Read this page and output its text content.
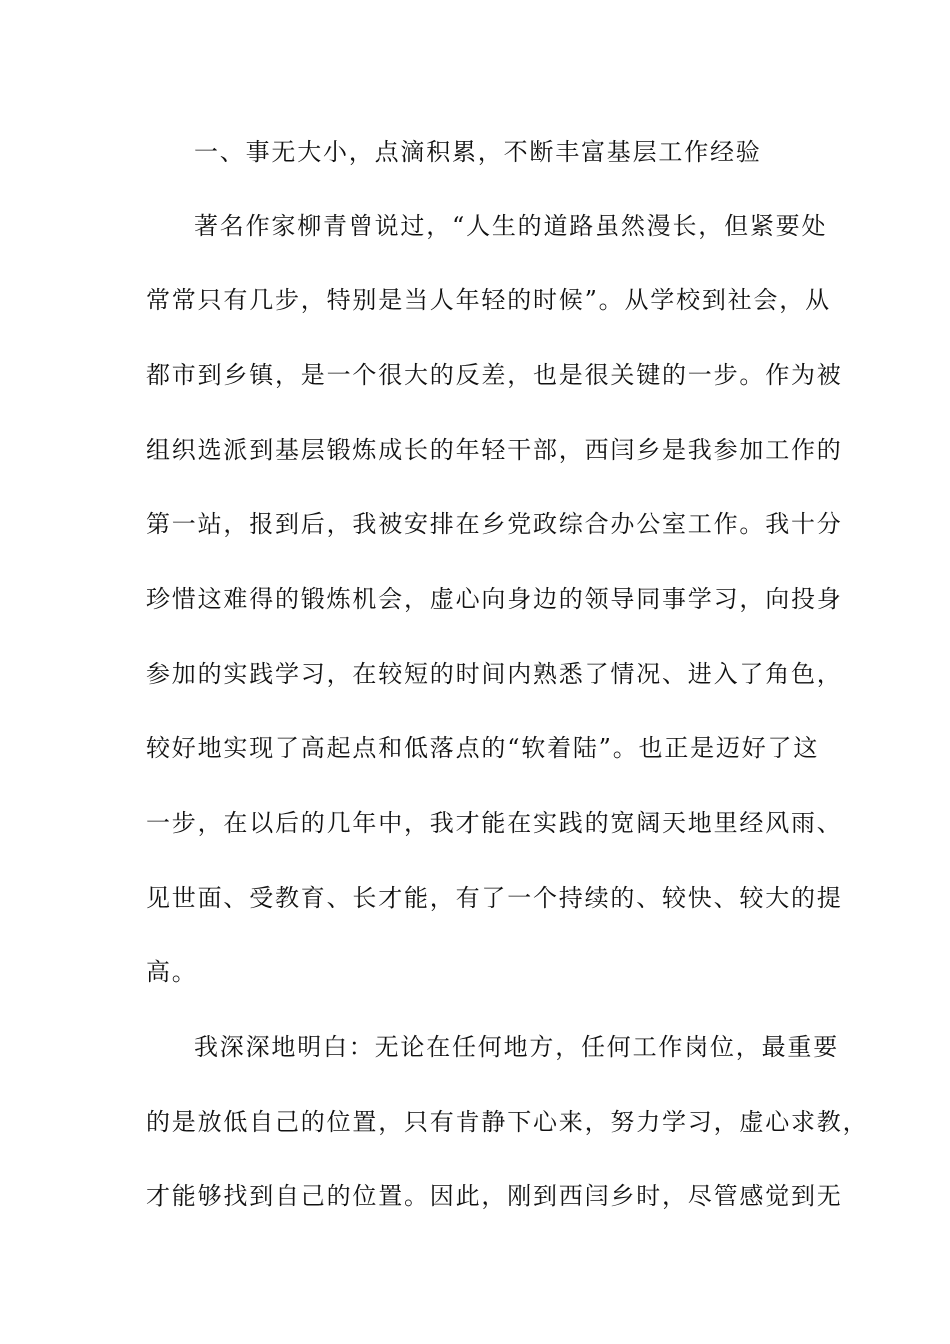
一、事无大小，点滴积累，不断丰富基层工作经验
著名作家柳青曾说过，“人生的道路虽然漫长，但紧要处
常常只有几步，特别是当人年轻的时候”。从学校到社会，从
都市到乡镇，是一个很大的反差，也是很关键的一步。作为被
组织选派到基层锻炼成长的年轻干部，西闫乡是我参加工作的
第一站，报到后，我被安排在乡党政综合办公室工作。我十分
珍惜这难得的锻炼机会，虚心向身边的领导同事学习，向投身
参加的实践学习，在较短的时间内熟悉了情况、进入了角色，
较好地实现了高起点和低落点的“软着陆”。也正是迈好了这
一步，在以后的几年中，我才能在实践的宽阔天地里经风雨、
见世面、受教育、长才能，有了一个持续的、较快、较大的提
高。
我深深地明白：无论在任何地方，任何工作岗位，最重要
的是放低自己的位置，只有肯静下心来，努力学习，虚心求教，
才能够找到自己的位置。因此，刚到西闫乡时，尽管感觉到无
